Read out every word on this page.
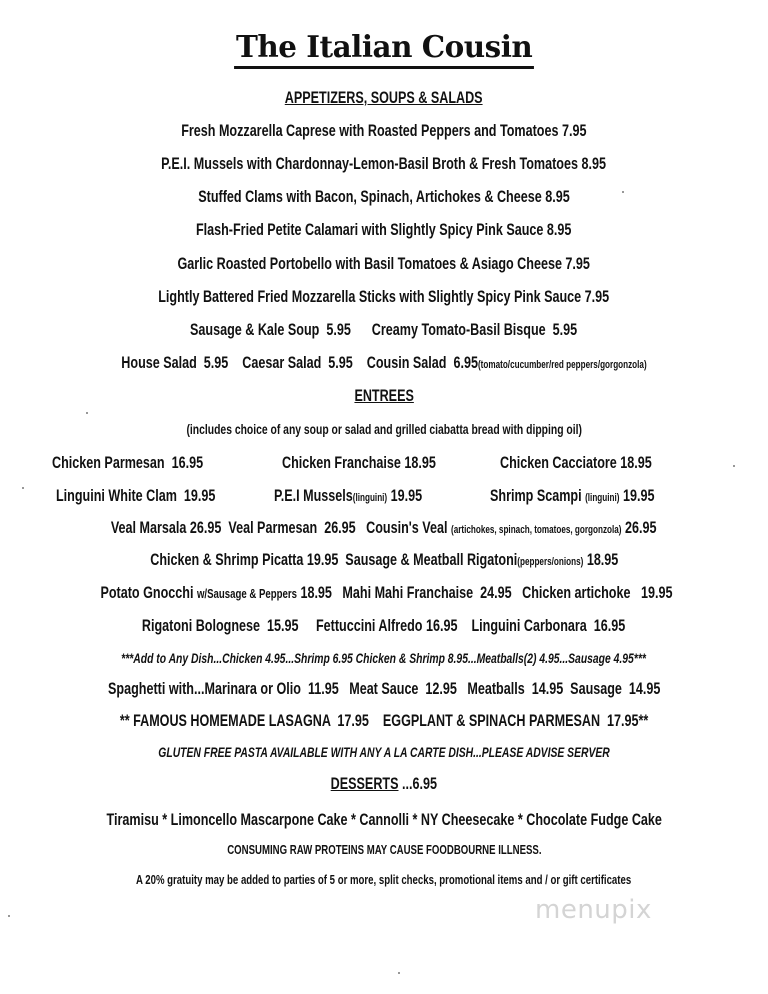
The Italian Cousin
APPETIZERS, SOUPS & SALADS
Fresh Mozzarella Caprese with Roasted Peppers and Tomatoes 7.95
P.E.I. Mussels with Chardonnay-Lemon-Basil Broth & Fresh Tomatoes 8.95
Stuffed Clams with Bacon, Spinach, Artichokes & Cheese 8.95
Flash-Fried Petite Calamari with Slightly Spicy Pink Sauce 8.95
Garlic Roasted Portobello with Basil Tomatoes & Asiago Cheese 7.95
Lightly Battered Fried Mozzarella Sticks with Slightly Spicy Pink Sauce 7.95
Sausage & Kale Soup 5.95 Creamy Tomato-Basil Bisque 5.95
House Salad 5.95 Caesar Salad 5.95 Cousin Salad 6.95(tomato/cucumber/red peppers/gorgonzola)
ENTREES
(includes choice of any soup or salad and grilled ciabatta bread with dipping oil)
Chicken Parmesan 16.95	Chicken Franchaise 18.95	Chicken Cacciatore 18.95
Linguini White Clam 19.95	P.E.I Mussels(linguini) 19.95	Shrimp Scampi (linguini) 19.95
Veal Marsala 26.95 Veal Parmesan 26.95 Cousin's Veal (artichokes, spinach, tomatoes, gorgonzola) 26.95
Chicken & Shrimp Picatta 19.95 Sausage & Meatball Rigatoni(peppers/onions) 18.95
Potato Gnocchi w/Sausage & Peppers 18.95 Mahi Mahi Franchaise 24.95 Chicken artichoke 19.95
Rigatoni Bolognese 15.95 Fettuccini Alfredo 16.95 Linguini Carbonara 16.95
***Add to Any Dish...Chicken 4.95...Shrimp 6.95 Chicken & Shrimp 8.95...Meatballs(2) 4.95...Sausage 4.95***
Spaghetti with...Marinara or Olio  11.95   Meat Sauce  12.95   Meatballs  14.95  Sausage  14.95
** FAMOUS HOMEMADE LASAGNA  17.95    EGGPLANT & SPINACH PARMESAN  17.95**
GLUTEN FREE PASTA AVAILABLE WITH ANY A LA CARTE DISH...PLEASE ADVISE SERVER
DESSERTS ...6.95
Tiramisu * Limoncello Mascarpone Cake * Cannolli * NY Cheesecake * Chocolate Fudge Cake
CONSUMING RAW PROTEINS MAY CAUSE FOODBOURNE ILLNESS.
A 20% gratuity may be added to parties of 5 or more, split checks, promotional items and / or gift certificates
menupix
